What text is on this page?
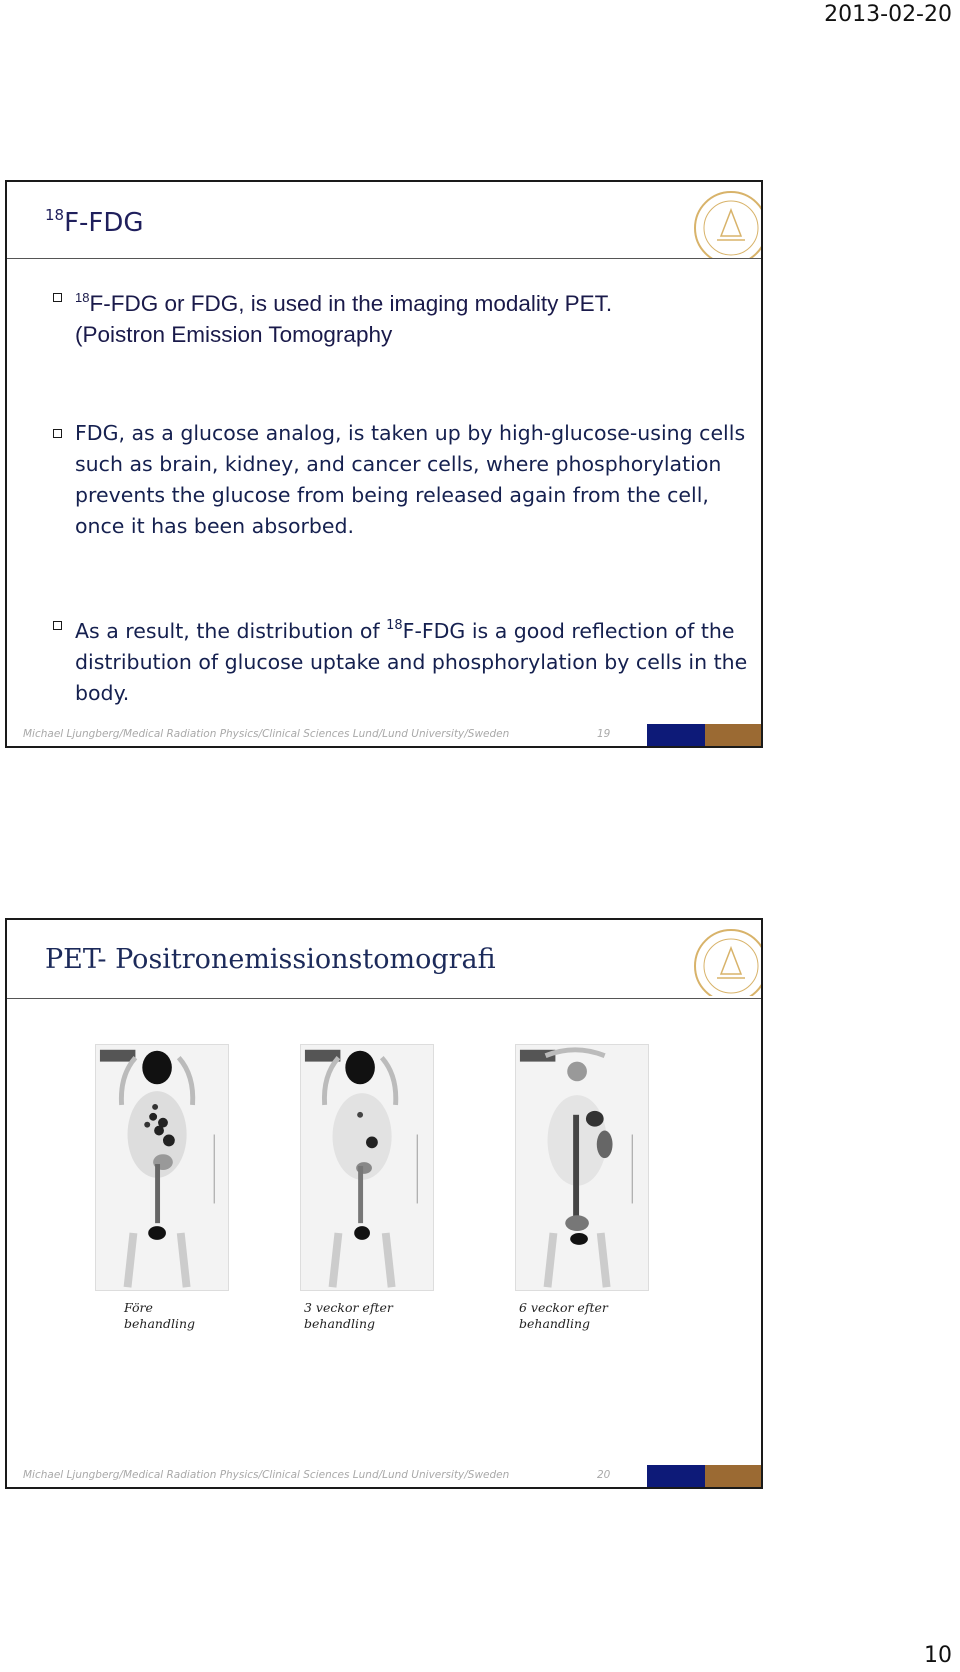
2013-02-20
$^{18}$F-FDG

$^{18}$F-FDG or FDG, is used in the imaging modality PET.
(Poistron Emission Tomography

FDG, as a glucose analog, is taken up by high-glucose-using cells such as brain, kidney, and cancer cells, where phosphorylation prevents the glucose from being released again from the cell, once it has been absorbed.

As a result, the distribution of $^{18}$F-FDG is a good reflection of the distribution of glucose uptake and phosphorylation by cells in the body.

Michael Ljungberg/Medical Radiation Physics/Clinical Sciences Lund/Lund University/Sweden	19
PET- Positronemissionstomografi
Före
behandling
3 veckor efter
behandling
6 veckor efter
behandling
Michael Ljungberg/Medical Radiation Physics/Clinical Sciences Lund/Lund University/Sweden	20
10
